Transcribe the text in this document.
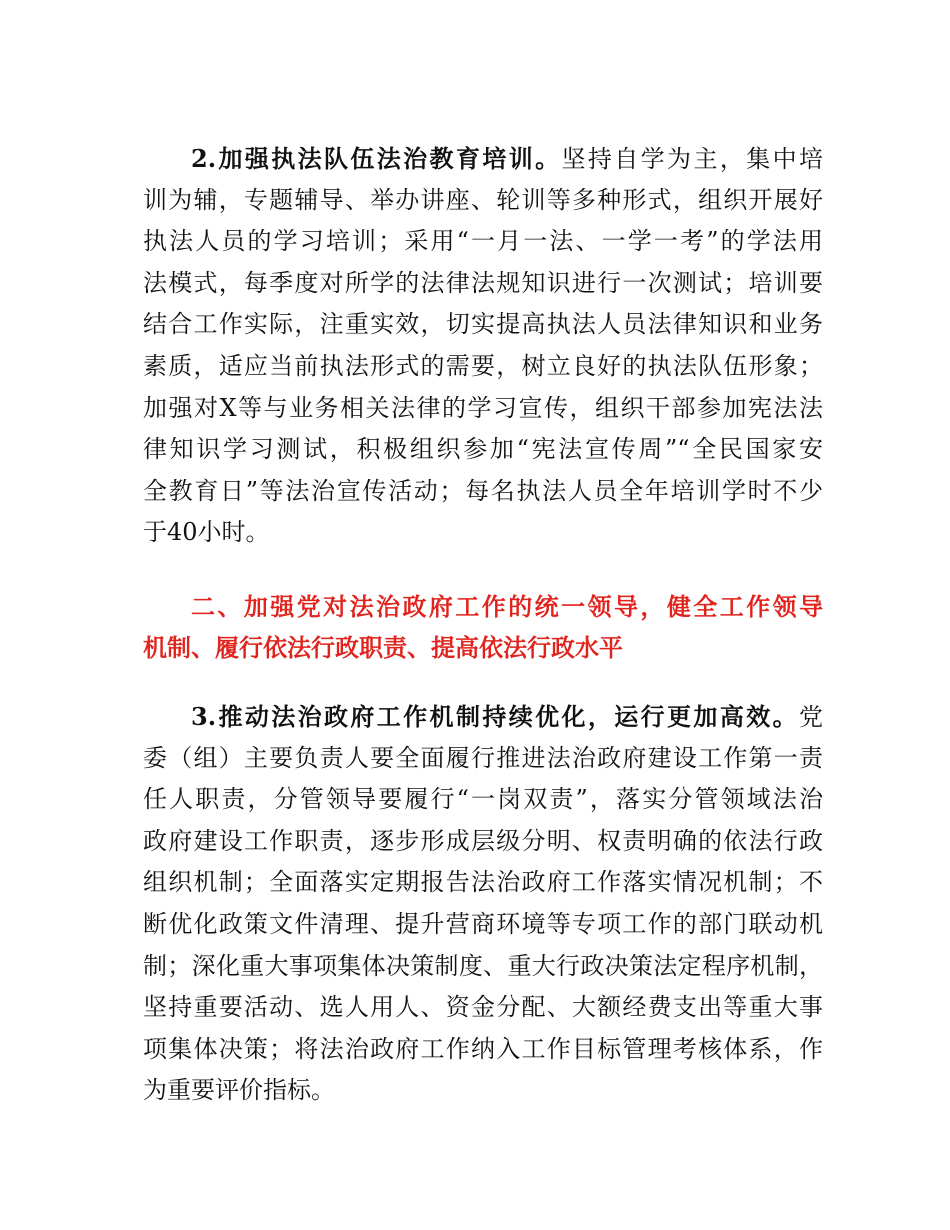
2.加强执法队伍法治教育培训。坚持自学为主，集中培
训为辅，专题辅导、举办讲座、轮训等多种形式，组织开展好
执法人员的学习培训；采用“一月一法、一学一考”的学法用
法模式，每季度对所学的法律法规知识进行一次测试；培训要
结合工作实际，注重实效，切实提高执法人员法律知识和业务
素质，适应当前执法形式的需要，树立良好的执法队伍形象；
加强对X等与业务相关法律的学习宣传，组织干部参加宪法法
律知识学习测试，积极组织参加“宪法宣传周”“全民国家安
全教育日”等法治宣传活动；每名执法人员全年培训学时不少
于40小时。
二、加强党对法治政府工作的统一领导，健全工作领导
机制、履行依法行政职责、提高依法行政水平
3.推动法治政府工作机制持续优化，运行更加高效。党
委（组）主要负责人要全面履行推进法治政府建设工作第一责
任人职责，分管领导要履行“一岗双责”，落实分管领域法治
政府建设工作职责，逐步形成层级分明、权责明确的依法行政
组织机制；全面落实定期报告法治政府工作落实情况机制；不
断优化政策文件清理、提升营商环境等专项工作的部门联动机
制；深化重大事项集体决策制度、重大行政决策法定程序机制，
坚持重要活动、选人用人、资金分配、大额经费支出等重大事
项集体决策；将法治政府工作纳入工作目标管理考核体系，作
为重要评价指标。
